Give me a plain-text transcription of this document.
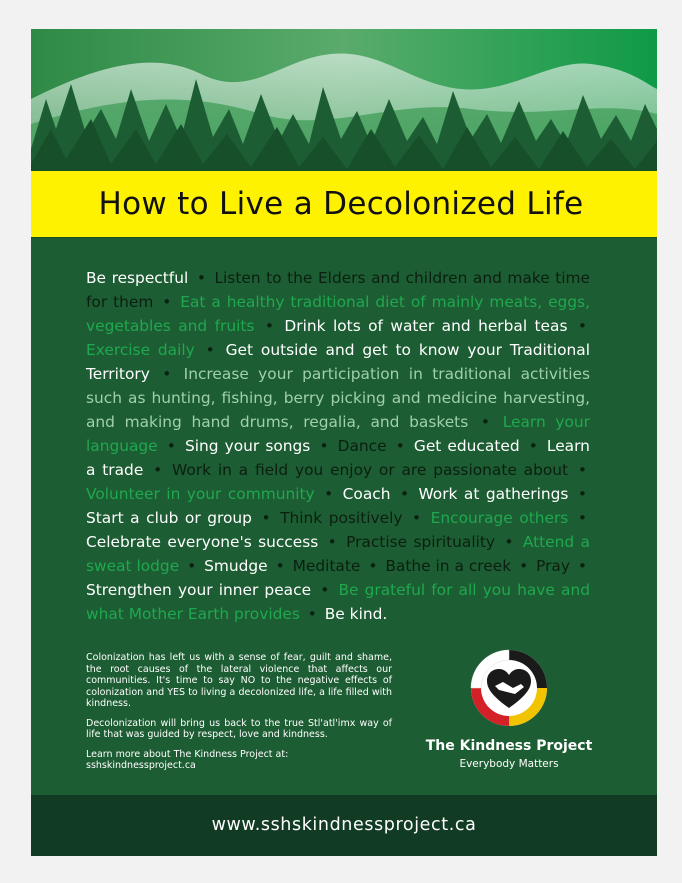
How to Live a Decolonized Life
Be respectful • Listen to the Elders and children and make time for them • Eat a healthy traditional diet of mainly meats, eggs, vegetables and fruits • Drink lots of water and herbal teas • Exercise daily • Get outside and get to know your Traditional Territory • Increase your participation in traditional activities such as hunting, fishing, berry picking and medicine harvesting, and making hand drums, regalia, and baskets • Learn your language • Sing your songs • Dance • Get educated • Learn a trade • Work in a field you enjoy or are passionate about • Volunteer in your community • Coach • Work at gatherings • Start a club or group • Think positively • Encourage others • Celebrate everyone's success • Practise spirituality • Attend a sweat lodge • Smudge • Meditate • Bathe in a creek • Pray • Strengthen your inner peace • Be grateful for all you have and what Mother Earth provides • Be kind.

Colonization has left us with a sense of fear, guilt and shame, the root causes of the lateral violence that affects our communities. It's time to say NO to the negative effects of colonization and YES to living a decolonized life, a life filled with kindness.

Decolonization will bring us back to the true Stl'atl'imx way of life that was guided by respect, love and kindness.

Learn more about The Kindness Project at:
sshskindnessproject.ca

The Kindness Project
Everybody Matters
www.sshskindnessproject.ca
